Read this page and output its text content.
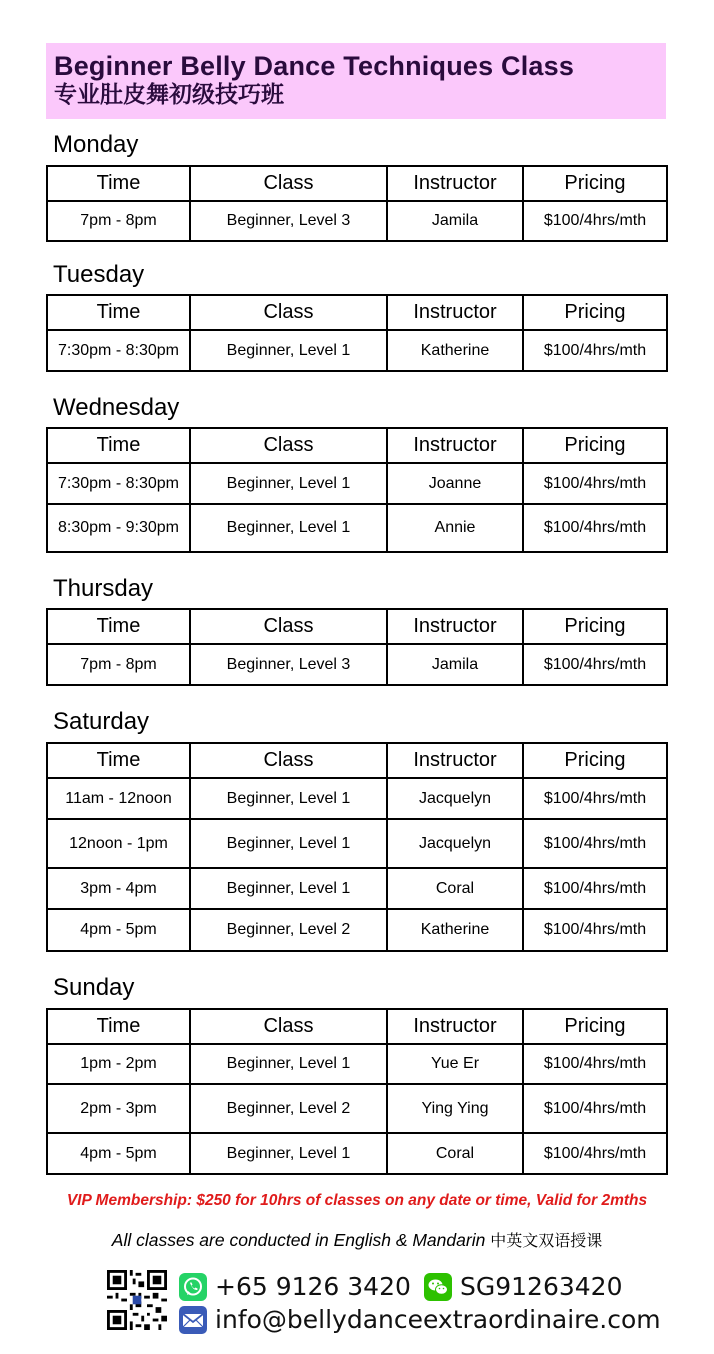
Beginner Belly Dance Techniques Class
专业肚皮舞初级技巧班
Monday
Time	Class	Instructor	Pricing
7pm - 8pm	Beginner, Level 3	Jamila	$100/4hrs/mth
Tuesday
Time	Class	Instructor	Pricing
7:30pm - 8:30pm	Beginner, Level 1	Katherine	$100/4hrs/mth
Wednesday
Time	Class	Instructor	Pricing
7:30pm - 8:30pm	Beginner, Level 1	Joanne	$100/4hrs/mth
8:30pm - 9:30pm	Beginner, Level 1	Annie	$100/4hrs/mth
Thursday
Time	Class	Instructor	Pricing
7pm - 8pm	Beginner, Level 3	Jamila	$100/4hrs/mth
Saturday
Time	Class	Instructor	Pricing
11am - 12noon	Beginner, Level 1	Jacquelyn	$100/4hrs/mth
12noon - 1pm	Beginner, Level 1	Jacquelyn	$100/4hrs/mth
3pm - 4pm	Beginner, Level 1	Coral	$100/4hrs/mth
4pm - 5pm	Beginner, Level 2	Katherine	$100/4hrs/mth
Sunday
Time	Class	Instructor	Pricing
1pm - 2pm	Beginner, Level 1	Yue Er	$100/4hrs/mth
2pm - 3pm	Beginner, Level 2	Ying Ying	$100/4hrs/mth
4pm - 5pm	Beginner, Level 1	Coral	$100/4hrs/mth
VIP Membership: $250 for 10hrs of classes on any date or time, Valid for 2mths
All classes are conducted in English & Mandarin 中英文双语授课
+65 9126 3420 SG91263420
info@bellydanceextraordinaire.com
